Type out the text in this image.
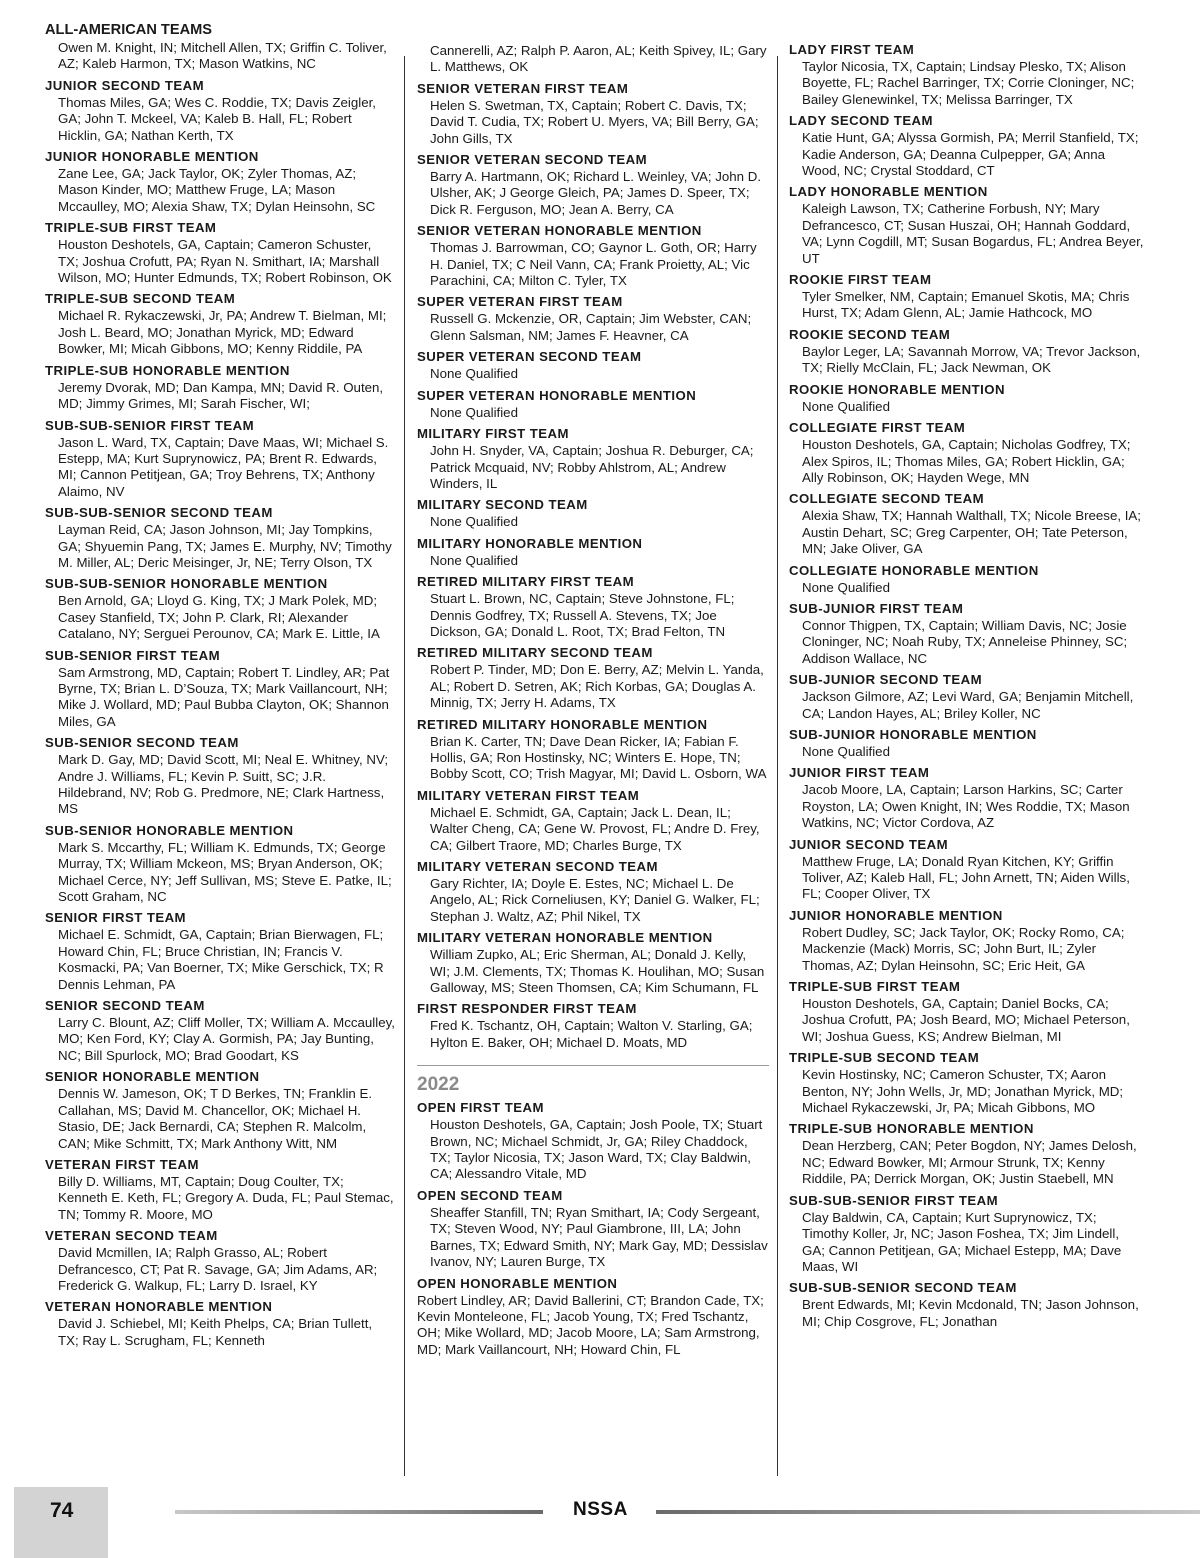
ALL-AMERICAN TEAMS
Owen M. Knight, IN; Mitchell Allen, TX; Griffin C. Toliver, AZ; Kaleb Harmon, TX; Mason Watkins, NC
JUNIOR SECOND TEAM
Thomas Miles, GA; Wes C. Roddie, TX; Davis Zeigler, GA; John T. Mckeel, VA; Kaleb B. Hall, FL; Robert Hicklin, GA; Nathan Kerth, TX
JUNIOR HONORABLE MENTION
Zane Lee, GA; Jack Taylor, OK; Zyler Thomas, AZ; Mason Kinder, MO; Matthew Fruge, LA; Mason Mccaulley, MO; Alexia Shaw, TX; Dylan Heinsohn, SC
TRIPLE-SUB FIRST TEAM
Houston Deshotels, GA, Captain; Cameron Schuster, TX; Joshua Crofutt, PA; Ryan N. Smithart, IA; Marshall Wilson, MO; Hunter Edmunds, TX; Robert Robinson, OK
TRIPLE-SUB SECOND TEAM
Michael R. Rykaczewski, Jr, PA; Andrew T. Bielman, MI; Josh L. Beard, MO; Jonathan Myrick, MD; Edward Bowker, MI; Micah Gibbons, MO; Kenny Riddile, PA
TRIPLE-SUB HONORABLE MENTION
Jeremy Dvorak, MD; Dan Kampa, MN; David R. Outen, MD; Jimmy Grimes, MI; Sarah Fischer, WI;
SUB-SUB-SENIOR FIRST TEAM
Jason L. Ward, TX, Captain; Dave Maas, WI; Michael S. Estepp, MA; Kurt Suprynowicz, PA; Brent R. Edwards, MI; Cannon Petitjean, GA; Troy Behrens, TX; Anthony Alaimo, NV
SUB-SUB-SENIOR SECOND TEAM
Layman Reid, CA; Jason Johnson, MI; Jay Tompkins, GA; Shyuemin Pang, TX; James E. Murphy, NV; Timothy M. Miller, AL; Deric Meisinger, Jr, NE; Terry Olson, TX
SUB-SUB-SENIOR HONORABLE MENTION
Ben Arnold, GA; Lloyd G. King, TX; J Mark Polek, MD; Casey Stanfield, TX; John P. Clark, RI; Alexander Catalano, NY; Serguei Perounov, CA; Mark E. Little, IA
SUB-SENIOR FIRST TEAM
Sam Armstrong, MD, Captain; Robert T. Lindley, AR; Pat Byrne, TX; Brian L. D’Souza, TX; Mark Vaillancourt, NH; Mike J. Wollard, MD; Paul Bubba Clayton, OK; Shannon Miles, GA
SUB-SENIOR SECOND TEAM
Mark D. Gay, MD; David Scott, MI; Neal E. Whitney, NV; Andre J. Williams, FL; Kevin P. Suitt, SC; J.R. Hildebrand, NV; Rob G. Predmore, NE; Clark Hartness, MS
SUB-SENIOR HONORABLE MENTION
Mark S. Mccarthy, FL; William K. Edmunds, TX; George Murray, TX; William Mckeon, MS; Bryan Anderson, OK; Michael Cerce, NY; Jeff Sullivan, MS; Steve E. Patke, IL; Scott Graham, NC
SENIOR FIRST TEAM
Michael E. Schmidt, GA, Captain; Brian Bierwagen, FL; Howard Chin, FL; Bruce Christian, IN; Francis V. Kosmacki, PA; Van Boerner, TX; Mike Gerschick, TX; R Dennis Lehman, PA
SENIOR SECOND TEAM
Larry C. Blount, AZ; Cliff Moller, TX; William A. Mccaulley, MO; Ken Ford, KY; Clay A. Gormish, PA; Jay Bunting, NC; Bill Spurlock, MO; Brad Goodart, KS
SENIOR HONORABLE MENTION
Dennis W. Jameson, OK; T D Berkes, TN; Franklin E. Callahan, MS; David M. Chancellor, OK; Michael H. Stasio, DE; Jack Bernardi, CA; Stephen R. Malcolm, CAN; Mike Schmitt, TX; Mark Anthony Witt, NM
VETERAN FIRST TEAM
Billy D. Williams, MT, Captain; Doug Coulter, TX; Kenneth E. Keth, FL; Gregory A. Duda, FL; Paul Stemac, TN; Tommy R. Moore, MO
VETERAN SECOND TEAM
David Mcmillen, IA; Ralph Grasso, AL; Robert Defrancesco, CT; Pat R. Savage, GA; Jim Adams, AR; Frederick G. Walkup, FL; Larry D. Israel, KY
VETERAN HONORABLE MENTION
David J. Schiebel, MI; Keith Phelps, CA; Brian Tullett, TX; Ray L. Scrugham, FL; Kenneth
Cannerelli, AZ; Ralph P. Aaron, AL; Keith Spivey, IL; Gary L. Matthews, OK
SENIOR VETERAN FIRST TEAM
Helen S. Swetman, TX, Captain; Robert C. Davis, TX; David T. Cudia, TX; Robert U. Myers, VA; Bill Berry, GA; John Gills, TX
SENIOR VETERAN SECOND TEAM
Barry A. Hartmann, OK; Richard L. Weinley, VA; John D. Ulsher, AK; J George Gleich, PA; James D. Speer, TX; Dick R. Ferguson, MO; Jean A. Berry, CA
SENIOR VETERAN HONORABLE MENTION
Thomas J. Barrowman, CO; Gaynor L. Goth, OR; Harry H. Daniel, TX; C Neil Vann, CA; Frank Proietty, AL; Vic Parachini, CA; Milton C. Tyler, TX
SUPER VETERAN FIRST TEAM
Russell G. Mckenzie, OR, Captain; Jim Webster, CAN; Glenn Salsman, NM; James F. Heavner, CA
SUPER VETERAN SECOND TEAM
None Qualified
SUPER VETERAN HONORABLE MENTION
None Qualified
MILITARY FIRST TEAM
John H. Snyder, VA, Captain; Joshua R. Deburger, CA; Patrick Mcquaid, NV; Robby Ahlstrom, AL; Andrew Winders, IL
MILITARY SECOND TEAM
None Qualified
MILITARY HONORABLE MENTION
None Qualified
RETIRED MILITARY FIRST TEAM
Stuart L. Brown, NC, Captain; Steve Johnstone, FL; Dennis Godfrey, TX; Russell A. Stevens, TX; Joe Dickson, GA; Donald L. Root, TX; Brad Felton, TN
RETIRED MILITARY SECOND TEAM
Robert P. Tinder, MD; Don E. Berry, AZ; Melvin L. Yanda, AL; Robert D. Setren, AK; Rich Korbas, GA; Douglas A. Minnig, TX; Jerry H. Adams, TX
RETIRED MILITARY HONORABLE MENTION
Brian K. Carter, TN; Dave Dean Ricker, IA; Fabian F. Hollis, GA; Ron Hostinsky, NC; Winters E. Hope, TN; Bobby Scott, CO; Trish Magyar, MI; David L. Osborn, WA
MILITARY VETERAN FIRST TEAM
Michael E. Schmidt, GA, Captain; Jack L. Dean, IL; Walter Cheng, CA; Gene W. Provost, FL; Andre D. Frey, CA; Gilbert Traore, MD; Charles Burge, TX
MILITARY VETERAN SECOND TEAM
Gary Richter, IA; Doyle E. Estes, NC; Michael L. De Angelo, AL; Rick Corneliusen, KY; Daniel G. Walker, FL; Stephan J. Waltz, AZ; Phil Nikel, TX
MILITARY VETERAN HONORABLE MENTION
William Zupko, AL; Eric Sherman, AL; Donald J. Kelly, WI; J.M. Clements, TX; Thomas K. Houlihan, MO; Susan Galloway, MS; Steen Thomsen, CA; Kim Schumann, FL
FIRST RESPONDER FIRST TEAM
Fred K. Tschantz, OH, Captain; Walton V. Starling, GA; Hylton E. Baker, OH; Michael D. Moats, MD
2022
OPEN FIRST TEAM
Houston Deshotels, GA, Captain; Josh Poole, TX; Stuart Brown, NC; Michael Schmidt, Jr, GA; Riley Chaddock, TX; Taylor Nicosia, TX; Jason Ward, TX; Clay Baldwin, CA; Alessandro Vitale, MD
OPEN SECOND TEAM
Sheaffer Stanfill, TN; Ryan Smithart, IA; Cody Sergeant, TX; Steven Wood, NY; Paul Giambrone, III, LA; John Barnes, TX; Edward Smith, NY; Mark Gay, MD; Dessislav Ivanov, NY; Lauren Burge, TX
OPEN HONORABLE MENTION
Robert Lindley, AR; David Ballerini, CT; Brandon Cade, TX; Kevin Monteleone, FL; Jacob Young, TX; Fred Tschantz, OH; Mike Wollard, MD; Jacob Moore, LA; Sam Armstrong, MD; Mark Vaillancourt, NH; Howard Chin, FL
LADY FIRST TEAM
Taylor Nicosia, TX, Captain; Lindsay Plesko, TX; Alison Boyette, FL; Rachel Barringer, TX; Corrie Cloninger, NC; Bailey Glenewinkel, TX; Melissa Barringer, TX
LADY SECOND TEAM
Katie Hunt, GA; Alyssa Gormish, PA; Merril Stanfield, TX; Kadie Anderson, GA; Deanna Culpepper, GA; Anna Wood, NC; Crystal Stoddard, CT
LADY HONORABLE MENTION
Kaleigh Lawson, TX; Catherine Forbush, NY; Mary Defrancesco, CT; Susan Huszai, OH; Hannah Goddard, VA; Lynn Cogdill, MT; Susan Bogardus, FL; Andrea Beyer, UT
ROOKIE FIRST TEAM
Tyler Smelker, NM, Captain; Emanuel Skotis, MA; Chris Hurst, TX; Adam Glenn, AL; Jamie Hathcock, MO
ROOKIE SECOND TEAM
Baylor Leger, LA; Savannah Morrow, VA; Trevor Jackson, TX; Rielly McClain, FL; Jack Newman, OK
ROOKIE HONORABLE MENTION
None Qualified
COLLEGIATE FIRST TEAM
Houston Deshotels, GA, Captain; Nicholas Godfrey, TX; Alex Spiros, IL; Thomas Miles, GA; Robert Hicklin, GA; Ally Robinson, OK; Hayden Wege, MN
COLLEGIATE SECOND TEAM
Alexia Shaw, TX; Hannah Walthall, TX; Nicole Breese, IA; Austin Dehart, SC; Greg Carpenter, OH; Tate Peterson, MN; Jake Oliver, GA
COLLEGIATE HONORABLE MENTION
None Qualified
SUB-JUNIOR FIRST TEAM
Connor Thigpen, TX, Captain; William Davis, NC; Josie Cloninger, NC; Noah Ruby, TX; Anneleise Phinney, SC; Addison Wallace, NC
SUB-JUNIOR SECOND TEAM
Jackson Gilmore, AZ; Levi Ward, GA; Benjamin Mitchell, CA; Landon Hayes, AL; Briley Koller, NC
SUB-JUNIOR HONORABLE MENTION
None Qualified
JUNIOR FIRST TEAM
Jacob Moore, LA, Captain; Larson Harkins, SC; Carter Royston, LA; Owen Knight, IN; Wes Roddie, TX; Mason Watkins, NC; Victor Cordova, AZ
JUNIOR SECOND TEAM
Matthew Fruge, LA; Donald Ryan Kitchen, KY; Griffin Toliver, AZ; Kaleb Hall, FL; John Arnett, TN; Aiden Wills, FL; Cooper Oliver, TX
JUNIOR HONORABLE MENTION
Robert Dudley, SC; Jack Taylor, OK; Rocky Romo, CA; Mackenzie (Mack) Morris, SC; John Burt, IL; Zyler Thomas, AZ; Dylan Heinsohn, SC; Eric Heit, GA
TRIPLE-SUB FIRST TEAM
Houston Deshotels, GA, Captain; Daniel Bocks, CA; Joshua Crofutt, PA; Josh Beard, MO; Michael Peterson, WI; Joshua Guess, KS; Andrew Bielman, MI
TRIPLE-SUB SECOND TEAM
Kevin Hostinsky, NC; Cameron Schuster, TX; Aaron Benton, NY; John Wells, Jr, MD; Jonathan Myrick, MD; Michael Rykaczewski, Jr, PA; Micah Gibbons, MO
TRIPLE-SUB HONORABLE MENTION
Dean Herzberg, CAN; Peter Bogdon, NY; James Delosh, NC; Edward Bowker, MI; Armour Strunk, TX; Kenny Riddile, PA; Derrick Morgan, OK; Justin Staebell, MN
SUB-SUB-SENIOR FIRST TEAM
Clay Baldwin, CA, Captain; Kurt Suprynowicz, TX; Timothy Koller, Jr, NC; Jason Foshea, TX; Jim Lindell, GA; Cannon Petitjean, GA; Michael Estepp, MA; Dave Maas, WI
SUB-SUB-SENIOR SECOND TEAM
Brent Edwards, MI; Kevin Mcdonald, TN; Jason Johnson, MI; Chip Cosgrove, FL; Jonathan
74	NSSA
